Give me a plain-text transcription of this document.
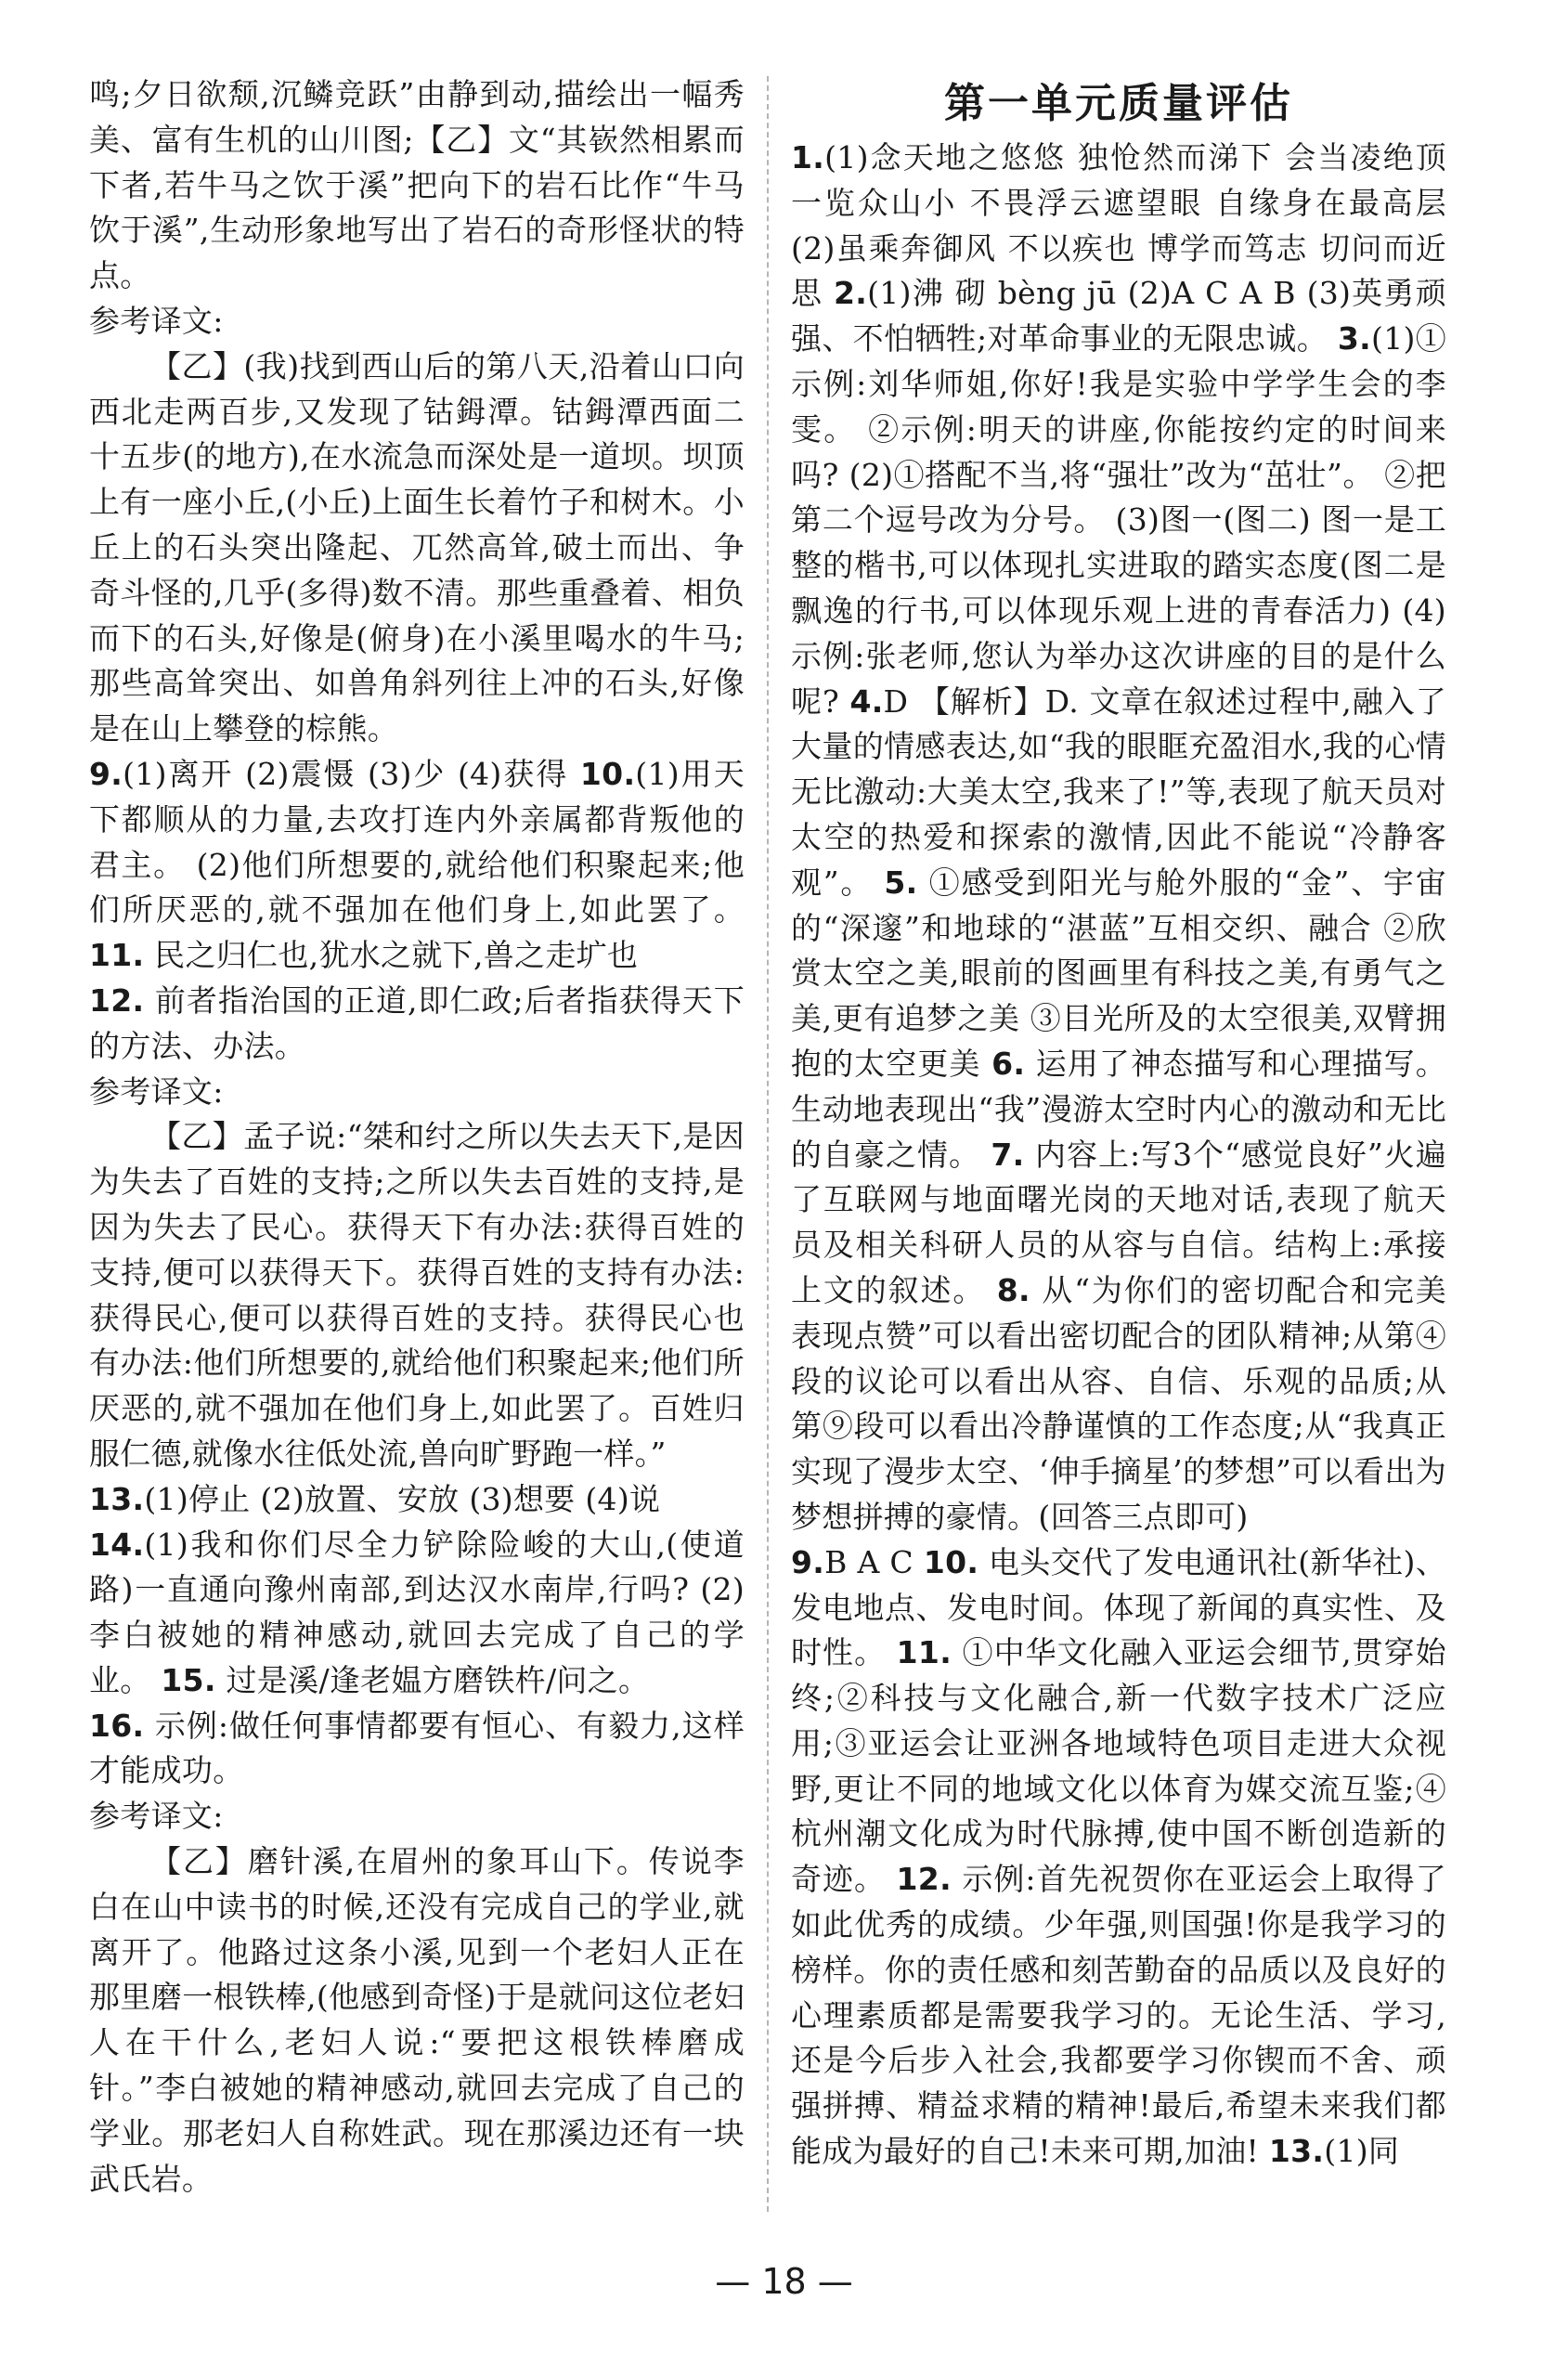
鸣;夕日欲颓,沉鳞竞跃”由静到动,描绘出一幅秀美、富有生机的山川图;【乙】文“其嵚然相累而下者,若牛马之饮于溪”把向下的岩石比作“牛马饮于溪”,生动形象地写出了岩石的奇形怪状的特点。

参考译文:

【乙】(我)找到西山后的第八天,沿着山口向西北走两百步,又发现了钴鉧潭。钴鉧潭西面二十五步(的地方),在水流急而深处是一道坝。坝顶上有一座小丘,(小丘)上面生长着竹子和树木。小丘上的石头突出隆起、兀然高耸,破土而出、争奇斗怪的,几乎(多得)数不清。那些重叠着、相负而下的石头,好像是(俯身)在小溪里喝水的牛马;那些高耸突出、如兽角斜列往上冲的石头,好像是在山上攀登的棕熊。

9.(1)离开 (2)震慑 (3)少 (4)获得 10.(1)用天下都顺从的力量,去攻打连内外亲属都背叛他的君主。 (2)他们所想要的,就给他们积聚起来;他们所厌恶的,就不强加在他们身上,如此罢了。 11. 民之归仁也,犹水之就下,兽之走圹也

12. 前者指治国的正道,即仁政;后者指获得天下的方法、办法。

参考译文:

【乙】孟子说:“桀和纣之所以失去天下,是因为失去了百姓的支持;之所以失去百姓的支持,是因为失去了民心。获得天下有办法:获得百姓的支持,便可以获得天下。获得百姓的支持有办法:获得民心,便可以获得百姓的支持。获得民心也有办法:他们所想要的,就给他们积聚起来;他们所厌恶的,就不强加在他们身上,如此罢了。百姓归服仁德,就像水往低处流,兽向旷野跑一样。”

13.(1)停止 (2)放置、安放 (3)想要 (4)说

14.(1)我和你们尽全力铲除险峻的大山,(使道路)一直通向豫州南部,到达汉水南岸,行吗? (2)李白被她的精神感动,就回去完成了自己的学业。 15. 过是溪/逢老媪方磨铁杵/问之。

16. 示例:做任何事情都要有恒心、有毅力,这样才能成功。

参考译文:

【乙】磨针溪,在眉州的象耳山下。传说李白在山中读书的时候,还没有完成自己的学业,就离开了。他路过这条小溪,见到一个老妇人正在那里磨一根铁棒,(他感到奇怪)于是就问这位老妇人在干什么,老妇人说:“要把这根铁棒磨成针。”李白被她的精神感动,就回去完成了自己的学业。那老妇人自称姓武。现在那溪边还有一块武氏岩。

第一单元质量评估

1.(1)念天地之悠悠 独怆然而涕下 会当凌绝顶 一览众山小 不畏浮云遮望眼 自缘身在最高层 (2)虽乘奔御风 不以疾也 博学而笃志 切问而近思 2.(1)沸 砌 bèng jū (2)A C A B (3)英勇顽强、不怕牺牲;对革命事业的无限忠诚。 3.(1)①示例:刘华师姐,你好!我是实验中学学生会的李雯。 ②示例:明天的讲座,你能按约定的时间来吗? (2)①搭配不当,将“强壮”改为“茁壮”。 ②把第二个逗号改为分号。 (3)图一(图二) 图一是工整的楷书,可以体现扎实进取的踏实态度(图二是飘逸的行书,可以体现乐观上进的青春活力) (4)示例:张老师,您认为举办这次讲座的目的是什么呢? 4.D 【解析】D. 文章在叙述过程中,融入了大量的情感表达,如“我的眼眶充盈泪水,我的心情无比激动:大美太空,我来了!”等,表现了航天员对太空的热爱和探索的激情,因此不能说“冷静客观”。 5. ①感受到阳光与舱外服的“金”、宇宙的“深邃”和地球的“湛蓝”互相交织、融合 ②欣赏太空之美,眼前的图画里有科技之美,有勇气之美,更有追梦之美 ③目光所及的太空很美,双臂拥抱的太空更美 6. 运用了神态描写和心理描写。生动地表现出“我”漫游太空时内心的激动和无比的自豪之情。 7. 内容上:写3个“感觉良好”火遍了互联网与地面曙光岗的天地对话,表现了航天员及相关科研人员的从容与自信。结构上:承接上文的叙述。 8. 从“为你们的密切配合和完美表现点赞”可以看出密切配合的团队精神;从第④段的议论可以看出从容、自信、乐观的品质;从第⑨段可以看出冷静谨慎的工作态度;从“我真正实现了漫步太空、‘伸手摘星’的梦想”可以看出为梦想拼搏的豪情。(回答三点即可)

9.B A C 10. 电头交代了发电通讯社(新华社)、发电地点、发电时间。体现了新闻的真实性、及时性。 11. ①中华文化融入亚运会细节,贯穿始终;②科技与文化融合,新一代数字技术广泛应用;③亚运会让亚洲各地域特色项目走进大众视野,更让不同的地域文化以体育为媒交流互鉴;④杭州潮文化成为时代脉搏,使中国不断创造新的奇迹。 12. 示例:首先祝贺你在亚运会上取得了如此优秀的成绩。少年强,则国强!你是我学习的榜样。你的责任感和刻苦勤奋的品质以及良好的心理素质都是需要我学习的。无论生活、学习,还是今后步入社会,我都要学习你锲而不舍、顽强拼搏、精益求精的精神!最后,希望未来我们都能成为最好的自己!未来可期,加油! 13.(1)同

— 18 —
